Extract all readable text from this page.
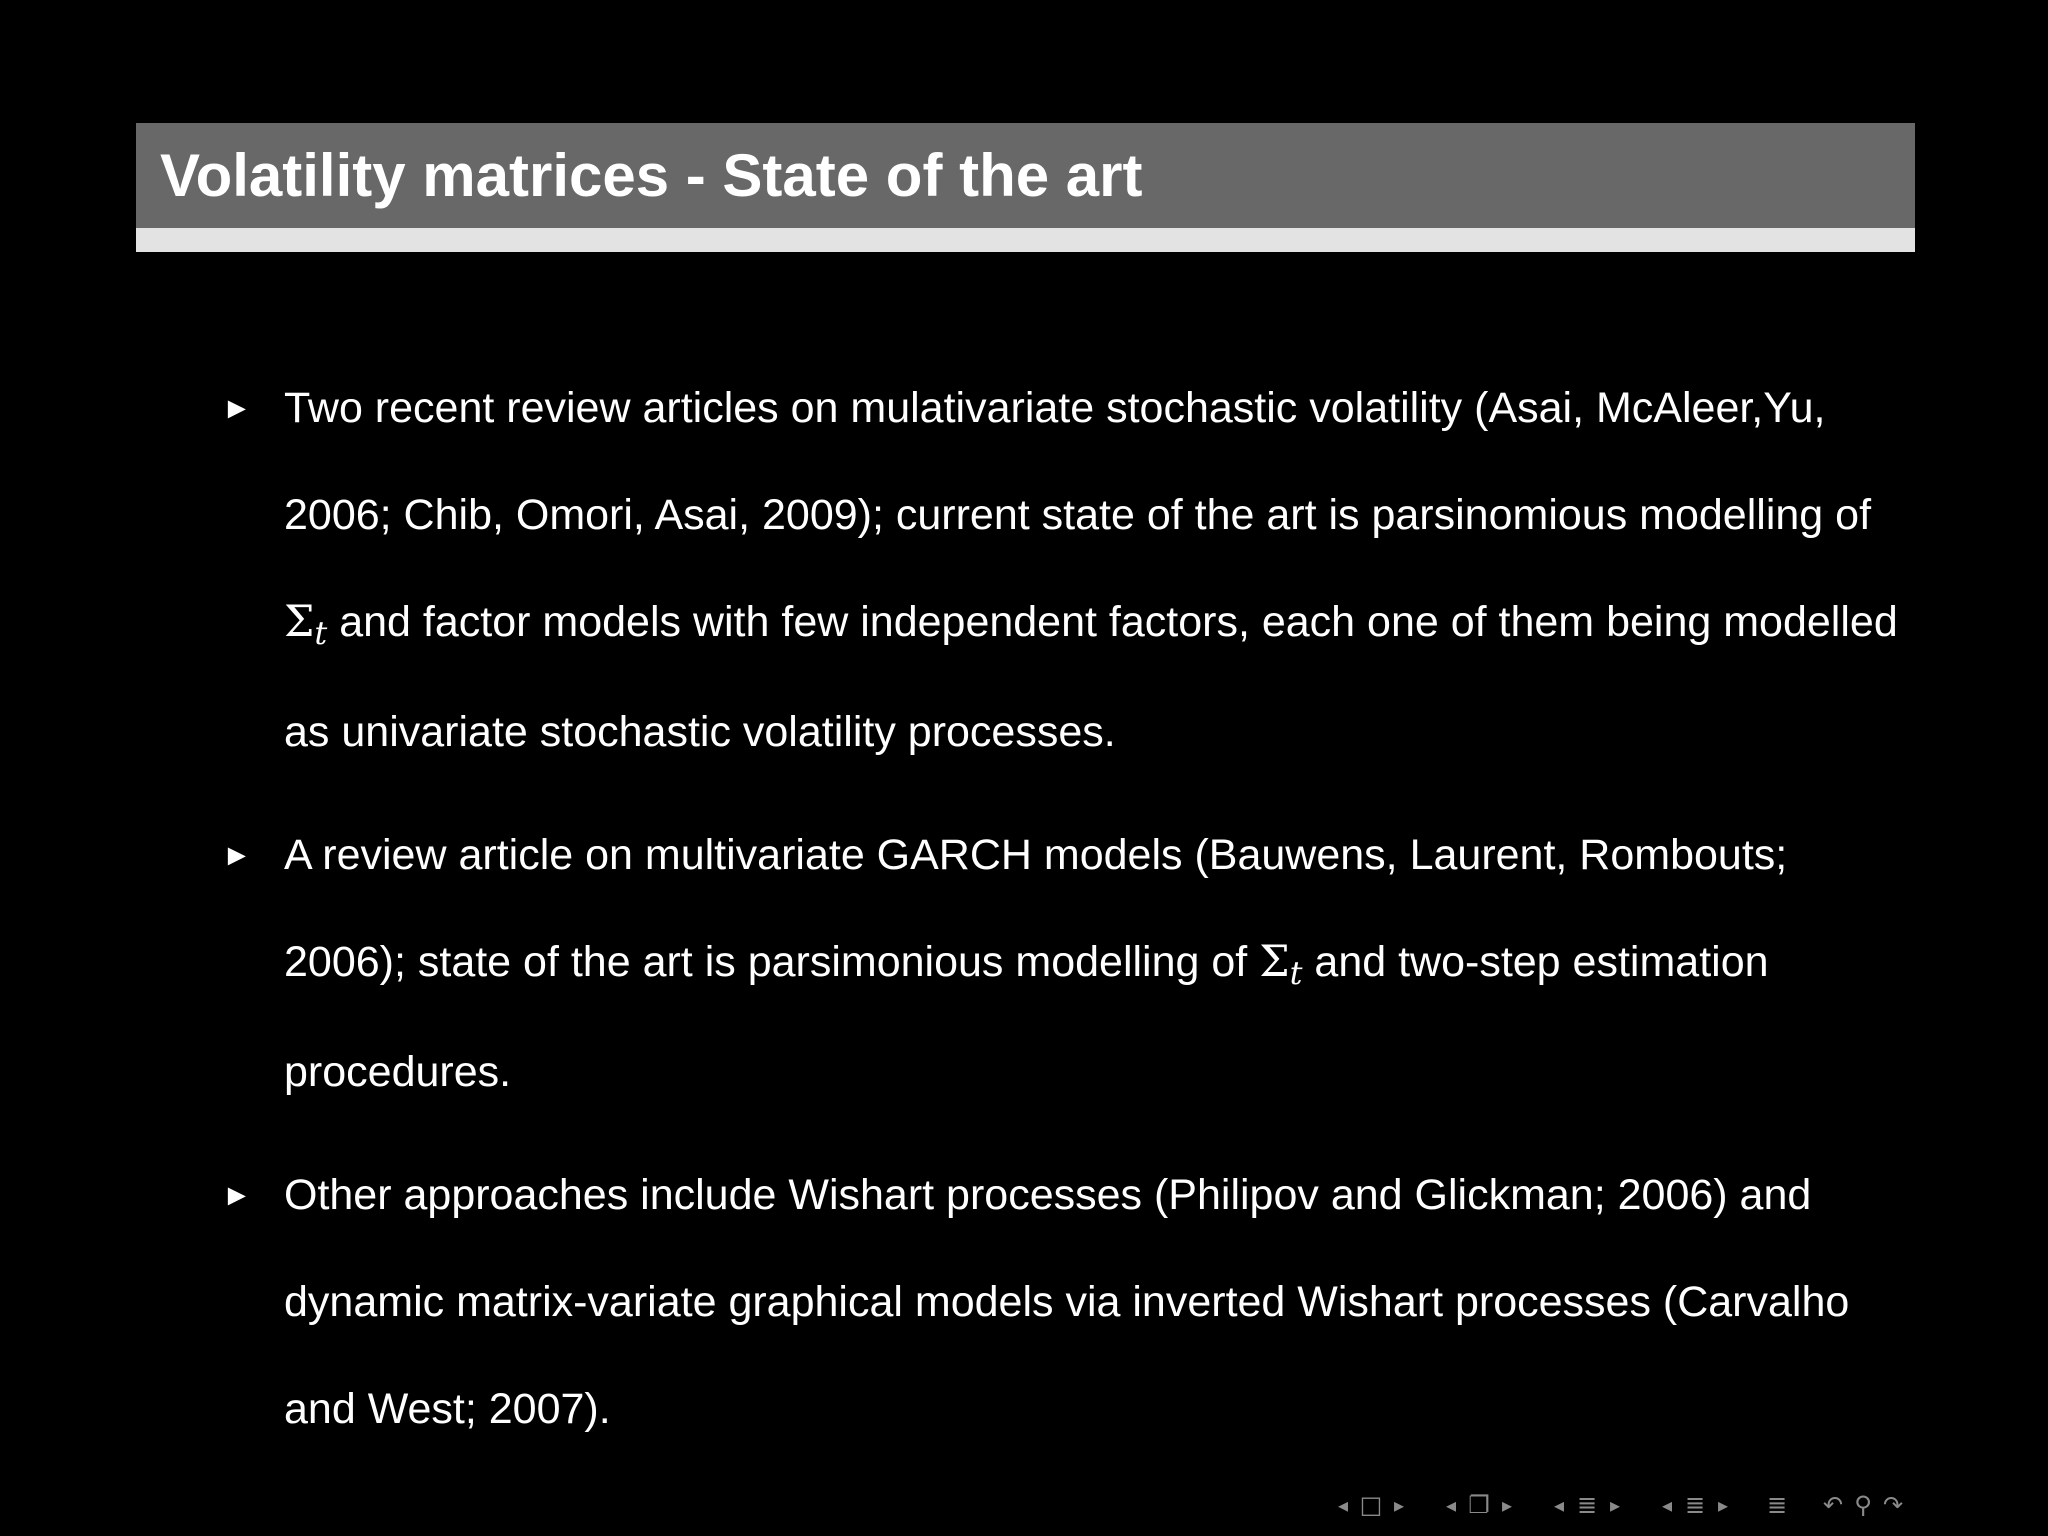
Volatility matrices - State of the art
► Two recent review articles on mulativariate stochastic volatility (Asai, McAleer,Yu, 2006; Chib, Omori, Asai, 2009); current state of the art is parsinomious modelling of Σt and factor models with few independent factors, each one of them being modelled as univariate stochastic volatility processes.
► A review article on multivariate GARCH models (Bauwens, Laurent, Rombouts; 2006); state of the art is parsimonious modelling of Σt and two-step estimation procedures.
► Other approaches include Wishart processes (Philipov and Glickman; 2006) and dynamic matrix-variate graphical models via inverted Wishart processes (Carvalho and West; 2007).
◂ □ ▸	◂ ❐ ▸	◂ ≣ ▸	◂ ≣ ▸	≣ ↶ ⚲ ↷
